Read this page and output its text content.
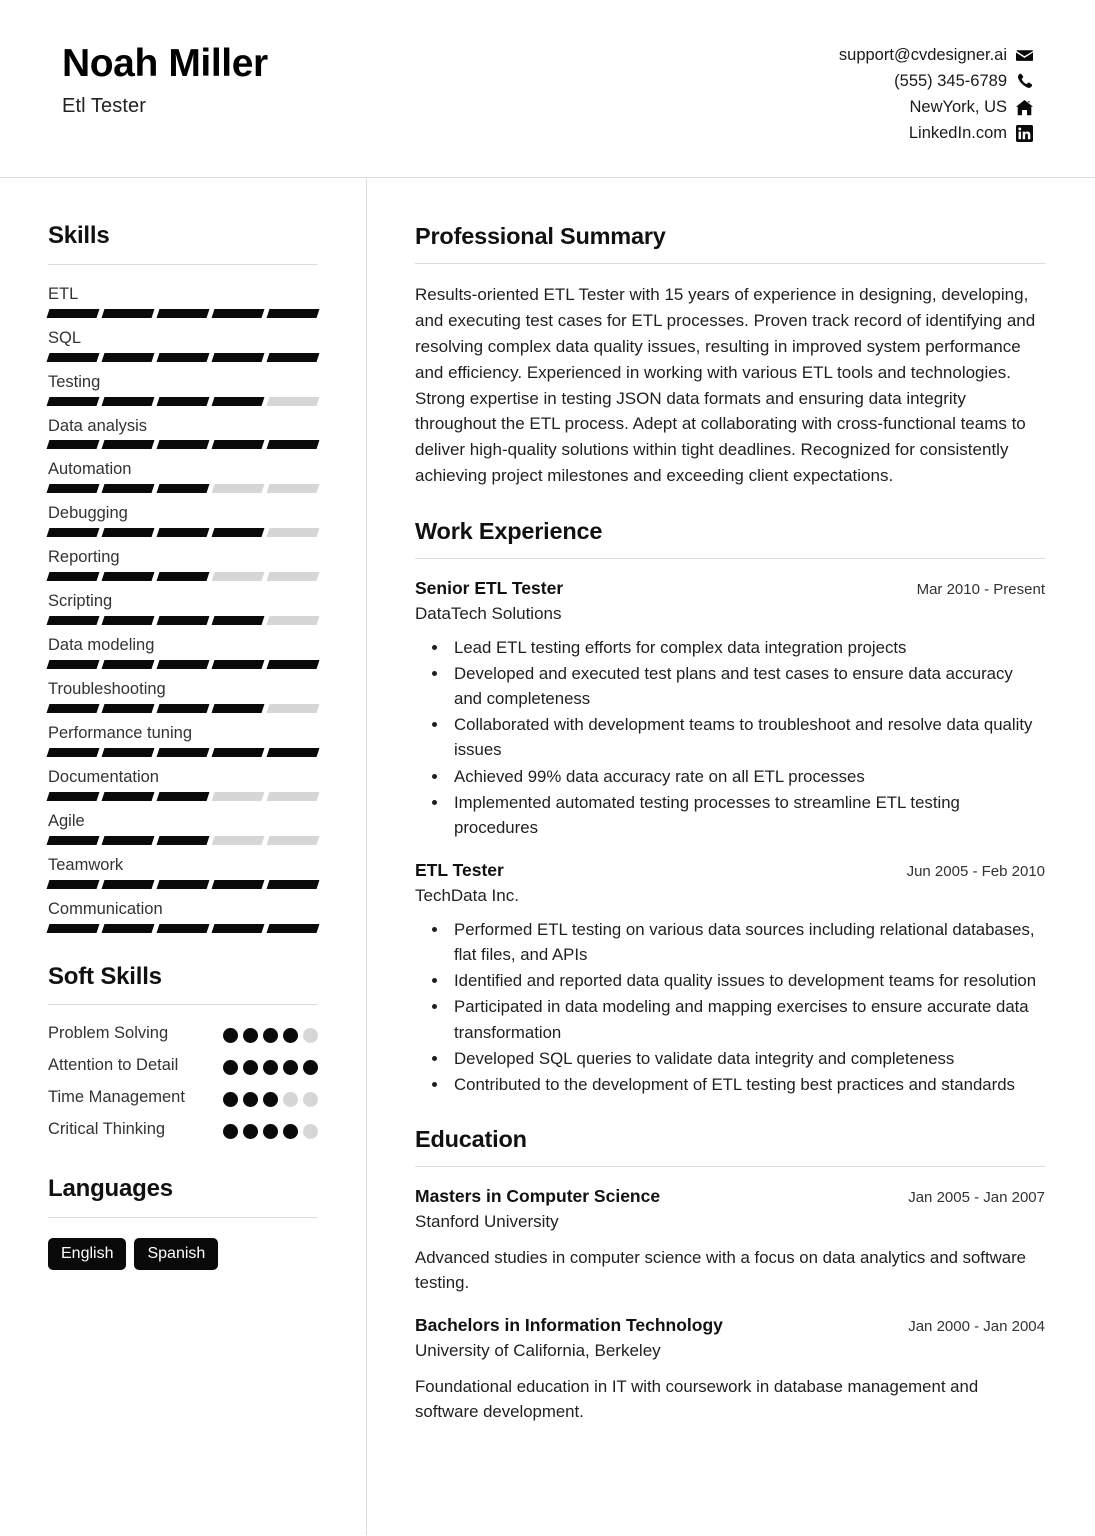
Noah Miller
Etl Tester
support@cvdesigner.ai
(555) 345-6789
NewYork, US
LinkedIn.com
Skills
ETL
SQL
Testing
Data analysis
Automation
Debugging
Reporting
Scripting
Data modeling
Troubleshooting
Performance tuning
Documentation
Agile
Teamwork
Communication
Soft Skills
Problem Solving
Attention to Detail
Time Management
Critical Thinking
Languages
English	Spanish
Professional Summary

Results-oriented ETL Tester with 15 years of experience in designing, developing, and executing test cases for ETL processes. Proven track record of identifying and resolving complex data quality issues, resulting in improved system performance and efficiency. Experienced in working with various ETL tools and technologies. Strong expertise in testing JSON data formats and ensuring data integrity throughout the ETL process. Adept at collaborating with cross-functional teams to deliver high-quality solutions within tight deadlines. Recognized for consistently achieving project milestones and exceeding client expectations.

Work Experience
Senior ETL Tester	Mar 2010 - Present
DataTech Solutions
• Lead ETL testing efforts for complex data integration projects
• Developed and executed test plans and test cases to ensure data accuracy and completeness
• Collaborated with development teams to troubleshoot and resolve data quality issues
• Achieved 99% data accuracy rate on all ETL processes
• Implemented automated testing processes to streamline ETL testing procedures
ETL Tester	Jun 2005 - Feb 2010
TechData Inc.
• Performed ETL testing on various data sources including relational databases, flat files, and APIs
• Identified and reported data quality issues to development teams for resolution
• Participated in data modeling and mapping exercises to ensure accurate data transformation
• Developed SQL queries to validate data integrity and completeness
• Contributed to the development of ETL testing best practices and standards
Education
Masters in Computer Science	Jan 2005 - Jan 2007
Stanford University
Advanced studies in computer science with a focus on data analytics and software testing.
Bachelors in Information Technology	Jan 2000 - Jan 2004
University of California, Berkeley
Foundational education in IT with coursework in database management and software development.
